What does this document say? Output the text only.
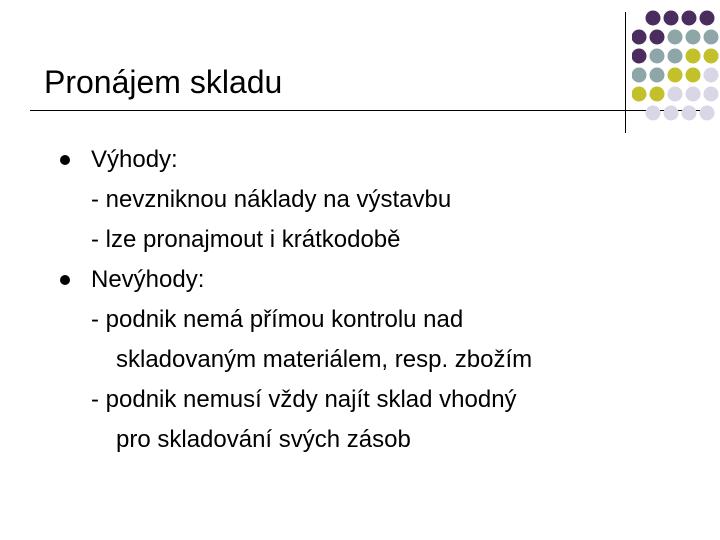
Pronájem skladu
Výhody:
- nevzniknou náklady na výstavbu
- lze pronajmout i krátkodobě
Nevýhody:
- podnik nemá přímou kontrolu nad
skladovaným materiálem, resp. zbožím
- podnik nemusí vždy najít sklad vhodný
pro skladování svých zásob
